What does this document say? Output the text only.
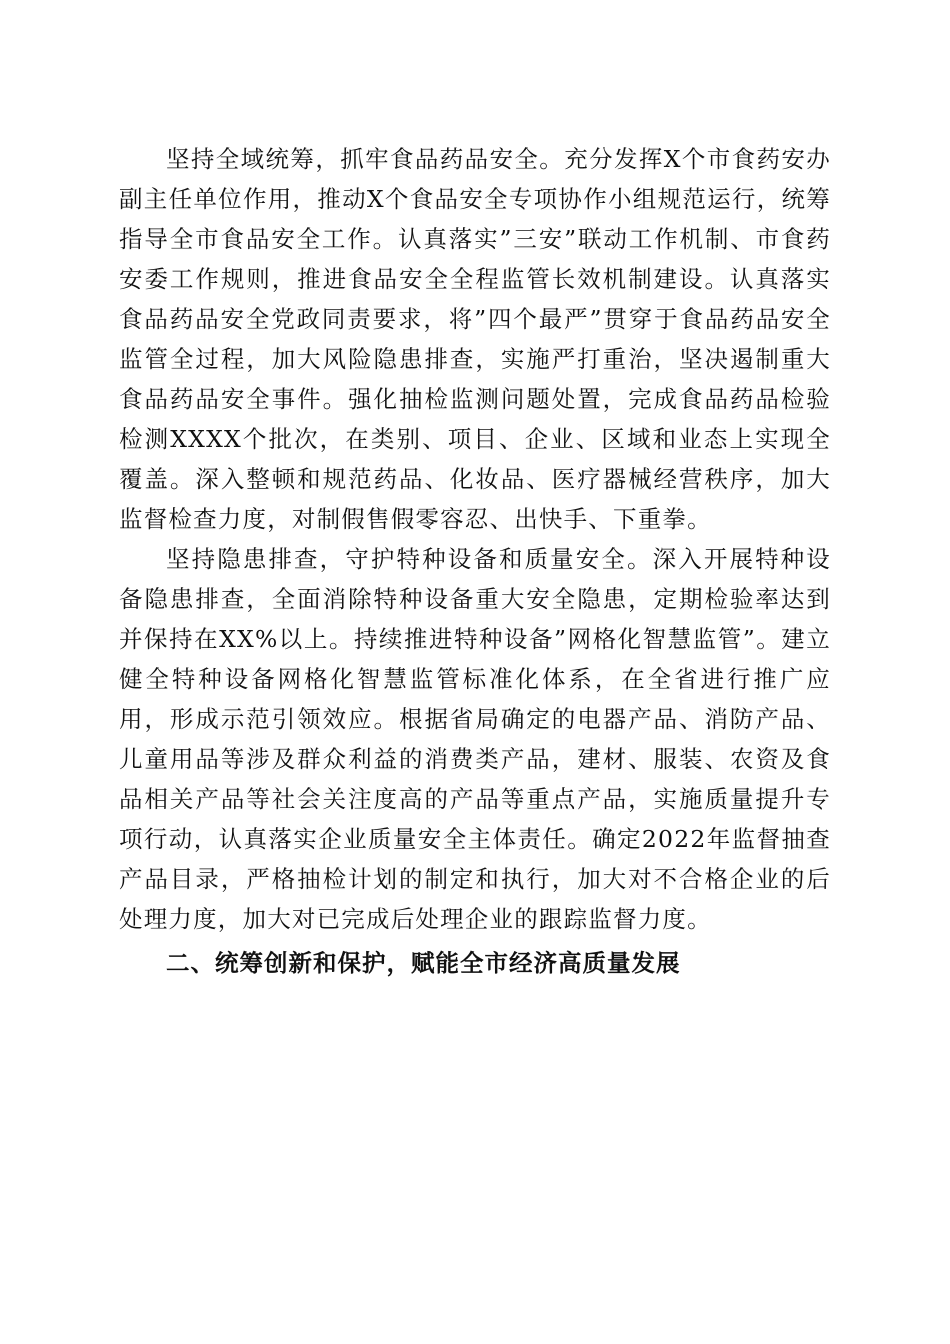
坚持全域统筹，抓牢食品药品安全。充分发挥X个市食药安办副主任单位作用，推动X个食品安全专项协作小组规范运行，统筹指导全市食品安全工作。认真落实”三安”联动工作机制、市食药安委工作规则，推进食品安全全程监管长效机制建设。认真落实食品药品安全党政同责要求，将”四个最严”贯穿于食品药品安全监管全过程，加大风险隐患排查，实施严打重治，坚决遏制重大食品药品安全事件。强化抽检监测问题处置，完成食品药品检验检测XXXX个批次，在类别、项目、企业、区域和业态上实现全覆盖。深入整顿和规范药品、化妆品、医疗器械经营秩序，加大监督检查力度，对制假售假零容忍、出快手、下重拳。

坚持隐患排查，守护特种设备和质量安全。深入开展特种设备隐患排查，全面消除特种设备重大安全隐患，定期检验率达到并保持在XX%以上。持续推进特种设备”网格化智慧监管”。建立健全特种设备网格化智慧监管标准化体系，在全省进行推广应用，形成示范引领效应。根据省局确定的电器产品、消防产品、儿童用品等涉及群众利益的消费类产品，建材、服装、农资及食品相关产品等社会关注度高的产品等重点产品，实施质量提升专项行动，认真落实企业质量安全主体责任。确定2022年监督抽查产品目录，严格抽检计划的制定和执行，加大对不合格企业的后处理力度，加大对已完成后处理企业的跟踪监督力度。

二、统筹创新和保护，赋能全市经济高质量发展
